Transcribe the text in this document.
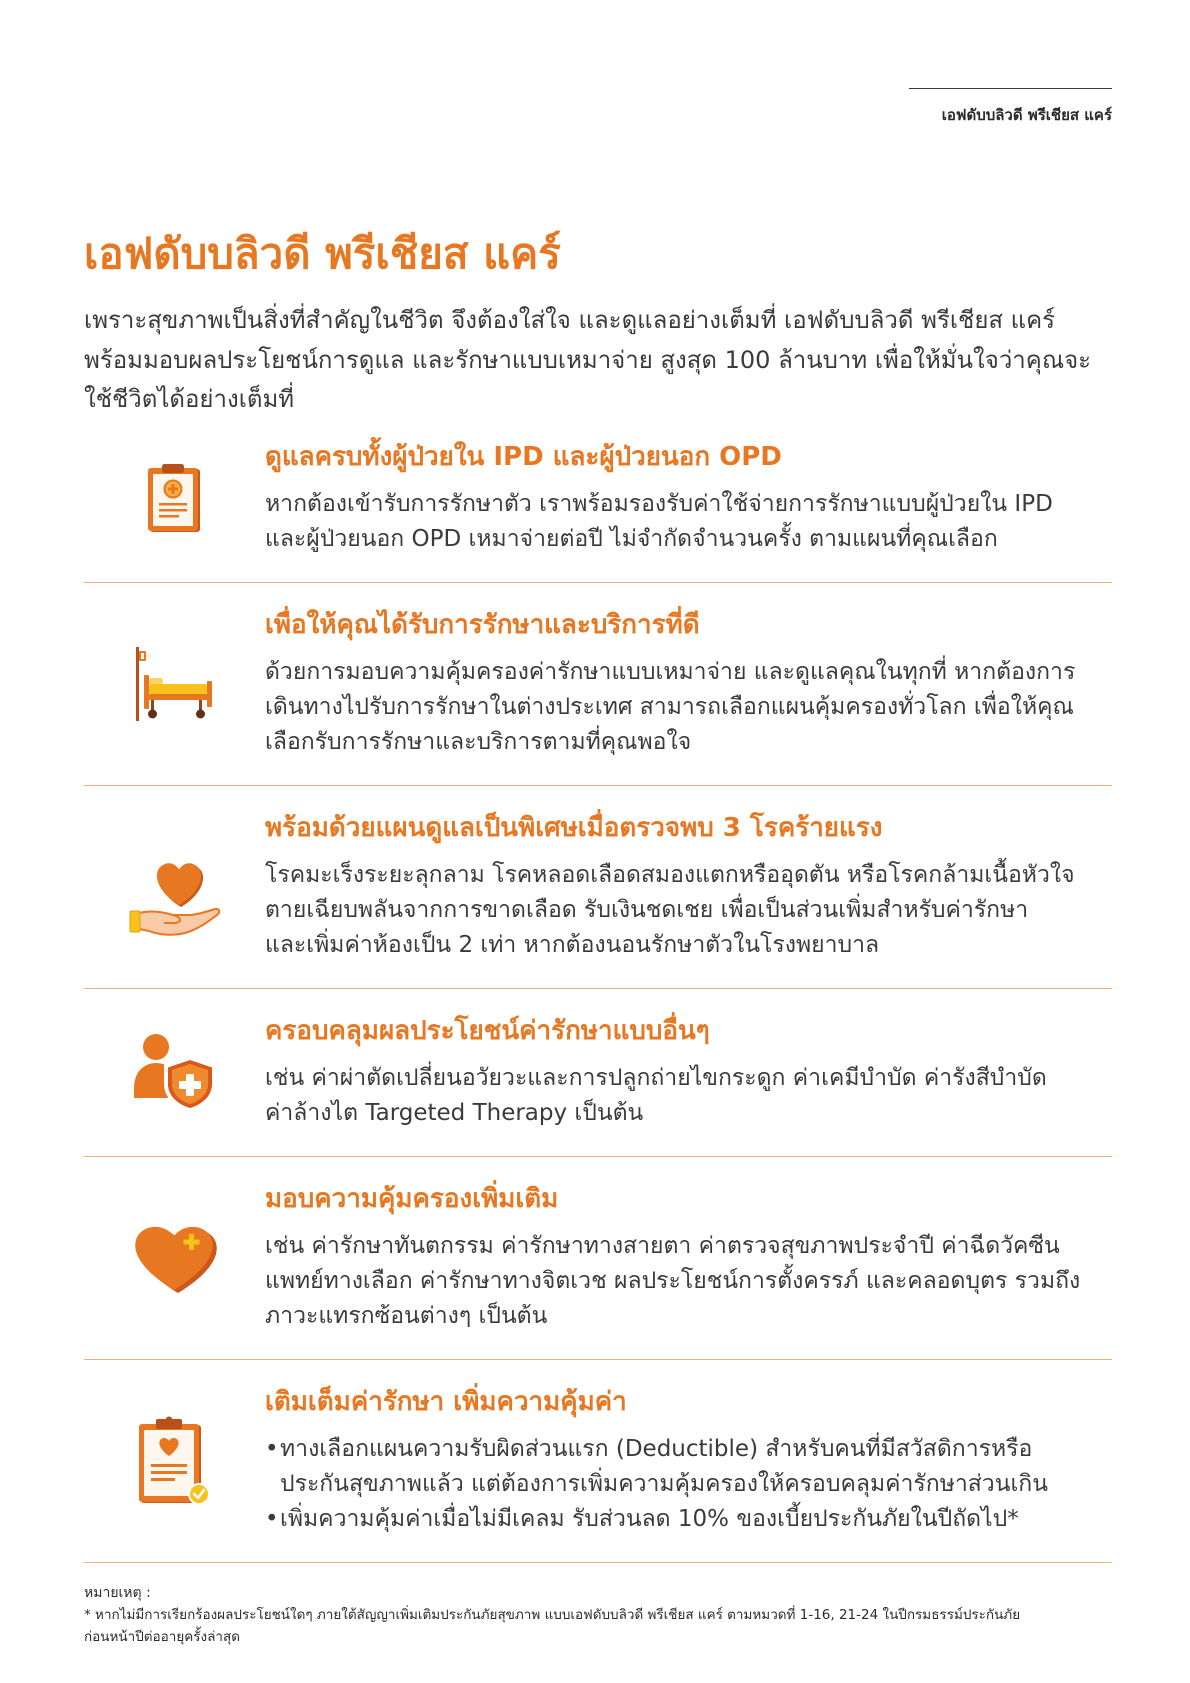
เอฟดับบลิวดี พรีเชียส แคร์
เอฟดับบลิวดี พรีเชียส แคร์
เพราะสุขภาพเป็นสิ่งที่สำคัญในชีวิต จึงต้องใส่ใจ และดูแลอย่างเต็มที่ เอฟดับบลิวดี พรีเชียส แคร์
พร้อมมอบผลประโยชน์การดูแล และรักษาแบบเหมาจ่าย สูงสุด 100 ล้านบาท เพื่อให้มั่นใจว่าคุณจะ
ใช้ชีวิตได้อย่างเต็มที่
ดูแลครบทั้งผู้ป่วยใน IPD และผู้ป่วยนอก OPD
หากต้องเข้ารับการรักษาตัว เราพร้อมรองรับค่าใช้จ่ายการรักษาแบบผู้ป่วยใน IPD
และผู้ป่วยนอก OPD เหมาจ่ายต่อปี ไม่จำกัดจำนวนครั้ง ตามแผนที่คุณเลือก
เพื่อให้คุณได้รับการรักษาและบริการที่ดี
ด้วยการมอบความคุ้มครองค่ารักษาแบบเหมาจ่าย และดูแลคุณในทุกที่ หากต้องการ
เดินทางไปรับการรักษาในต่างประเทศ สามารถเลือกแผนคุ้มครองทั่วโลก เพื่อให้คุณ
เลือกรับการรักษาและบริการตามที่คุณพอใจ
พร้อมด้วยแผนดูแลเป็นพิเศษเมื่อตรวจพบ 3 โรคร้ายแรง
โรคมะเร็งระยะลุกลาม โรคหลอดเลือดสมองแตกหรืออุดตัน หรือโรคกล้ามเนื้อหัวใจ
ตายเฉียบพลันจากการขาดเลือด รับเงินชดเชย เพื่อเป็นส่วนเพิ่มสำหรับค่ารักษา
และเพิ่มค่าห้องเป็น 2 เท่า หากต้องนอนรักษาตัวในโรงพยาบาล
ครอบคลุมผลประโยชน์ค่ารักษาแบบอื่นๆ
เช่น ค่าผ่าตัดเปลี่ยนอวัยวะและการปลูกถ่ายไขกระดูก ค่าเคมีบำบัด ค่ารังสีบำบัด
ค่าล้างไต Targeted Therapy เป็นต้น
มอบความคุ้มครองเพิ่มเติม
เช่น ค่ารักษาทันตกรรม ค่ารักษาทางสายตา ค่าตรวจสุขภาพประจำปี ค่าฉีดวัคซีน
แพทย์ทางเลือก ค่ารักษาทางจิตเวช ผลประโยชน์การตั้งครรภ์ และคลอดบุตร รวมถึง
ภาวะแทรกซ้อนต่างๆ เป็นต้น
เติมเต็มค่ารักษา เพิ่มความคุ้มค่า
• ทางเลือกแผนความรับผิดส่วนแรก (Deductible) สำหรับคนที่มีสวัสดิการหรือ
ประกันสุขภาพแล้ว แต่ต้องการเพิ่มความคุ้มครองให้ครอบคลุมค่ารักษาส่วนเกิน
• เพิ่มความคุ้มค่าเมื่อไม่มีเคลม รับส่วนลด 10% ของเบี้ยประกันภัยในปีถัดไป*
หมายเหตุ :
* หากไม่มีการเรียกร้องผลประโยชน์ใดๆ ภายใต้สัญญาเพิ่มเติมประกันภัยสุขภาพ แบบเอฟดับบลิวดี พรีเชียส แคร์ ตามหมวดที่ 1-16, 21-24 ในปีกรมธรรม์ประกันภัย
ก่อนหน้าปีต่ออายุครั้งล่าสุด
